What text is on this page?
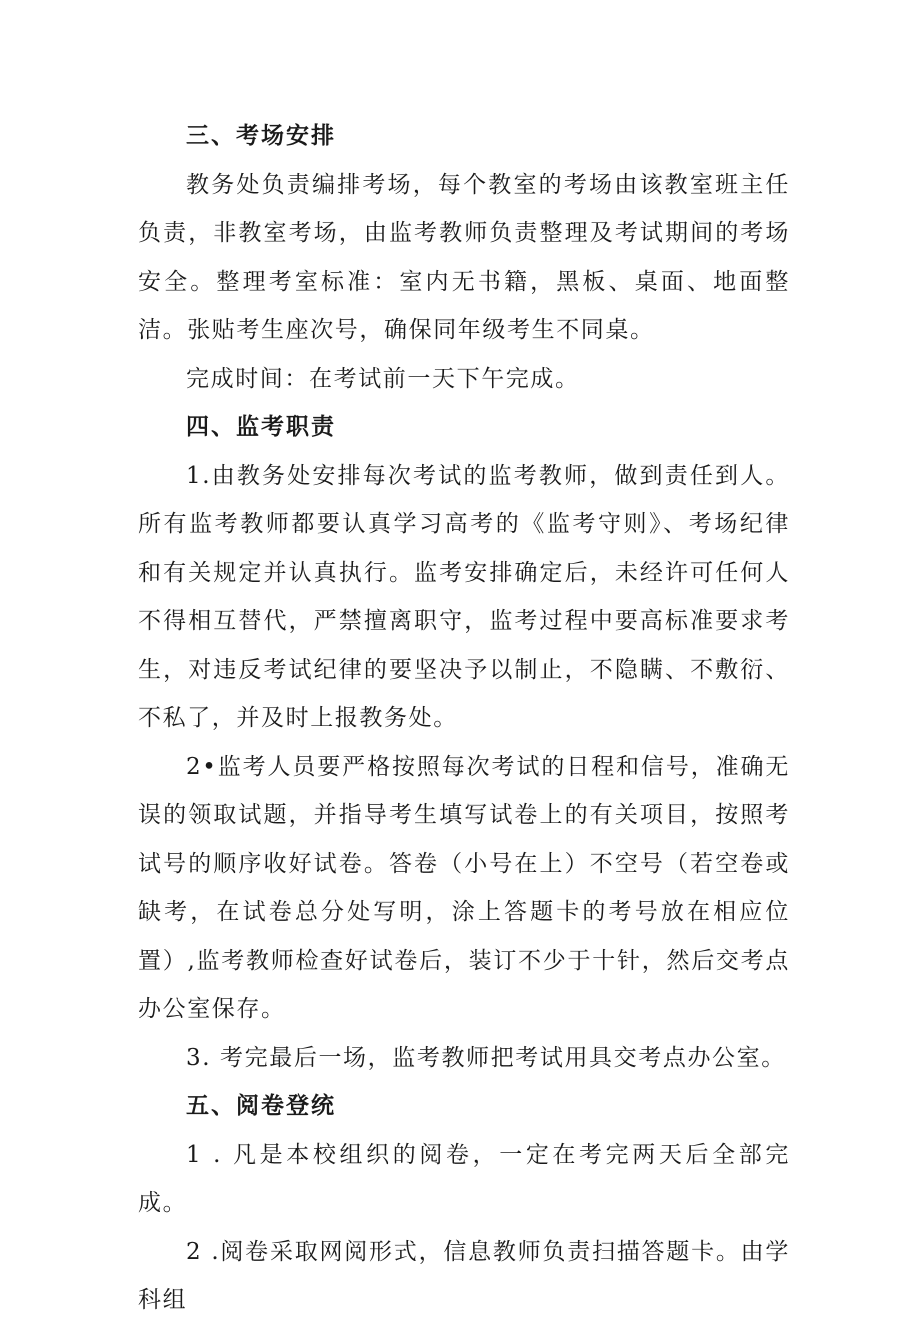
三、考场安排

教务处负责编排考场，每个教室的考场由该教室班主任负责，非教室考场，由监考教师负责整理及考试期间的考场安全。整理考室标准：室内无书籍，黑板、桌面、地面整洁。张贴考生座次号，确保同年级考生不同桌。

完成时间：在考试前一天下午完成。

四、监考职责

1.由教务处安排每次考试的监考教师，做到责任到人。所有监考教师都要认真学习高考的《监考守则》、考场纪律和有关规定并认真执行。监考安排确定后，未经许可任何人不得相互替代，严禁擅离职守，监考过程中要高标准要求考生，对违反考试纪律的要坚决予以制止，不隐瞒、不敷衍、不私了，并及时上报教务处。

2•监考人员要严格按照每次考试的日程和信号，准确无误的领取试题，并指导考生填写试卷上的有关项目，按照考试号的顺序收好试卷。答卷（小号在上）不空号（若空卷或缺考，在试卷总分处写明，涂上答题卡的考号放在相应位置）,监考教师检查好试卷后，装订不少于十针，然后交考点办公室保存。

3. 考完最后一场，监考教师把考试用具交考点办公室。

五、阅卷登统

1 . 凡是本校组织的阅卷，一定在考完两天后全部完成。

2 .阅卷采取网阅形式，信息教师负责扫描答题卡。由学科组
